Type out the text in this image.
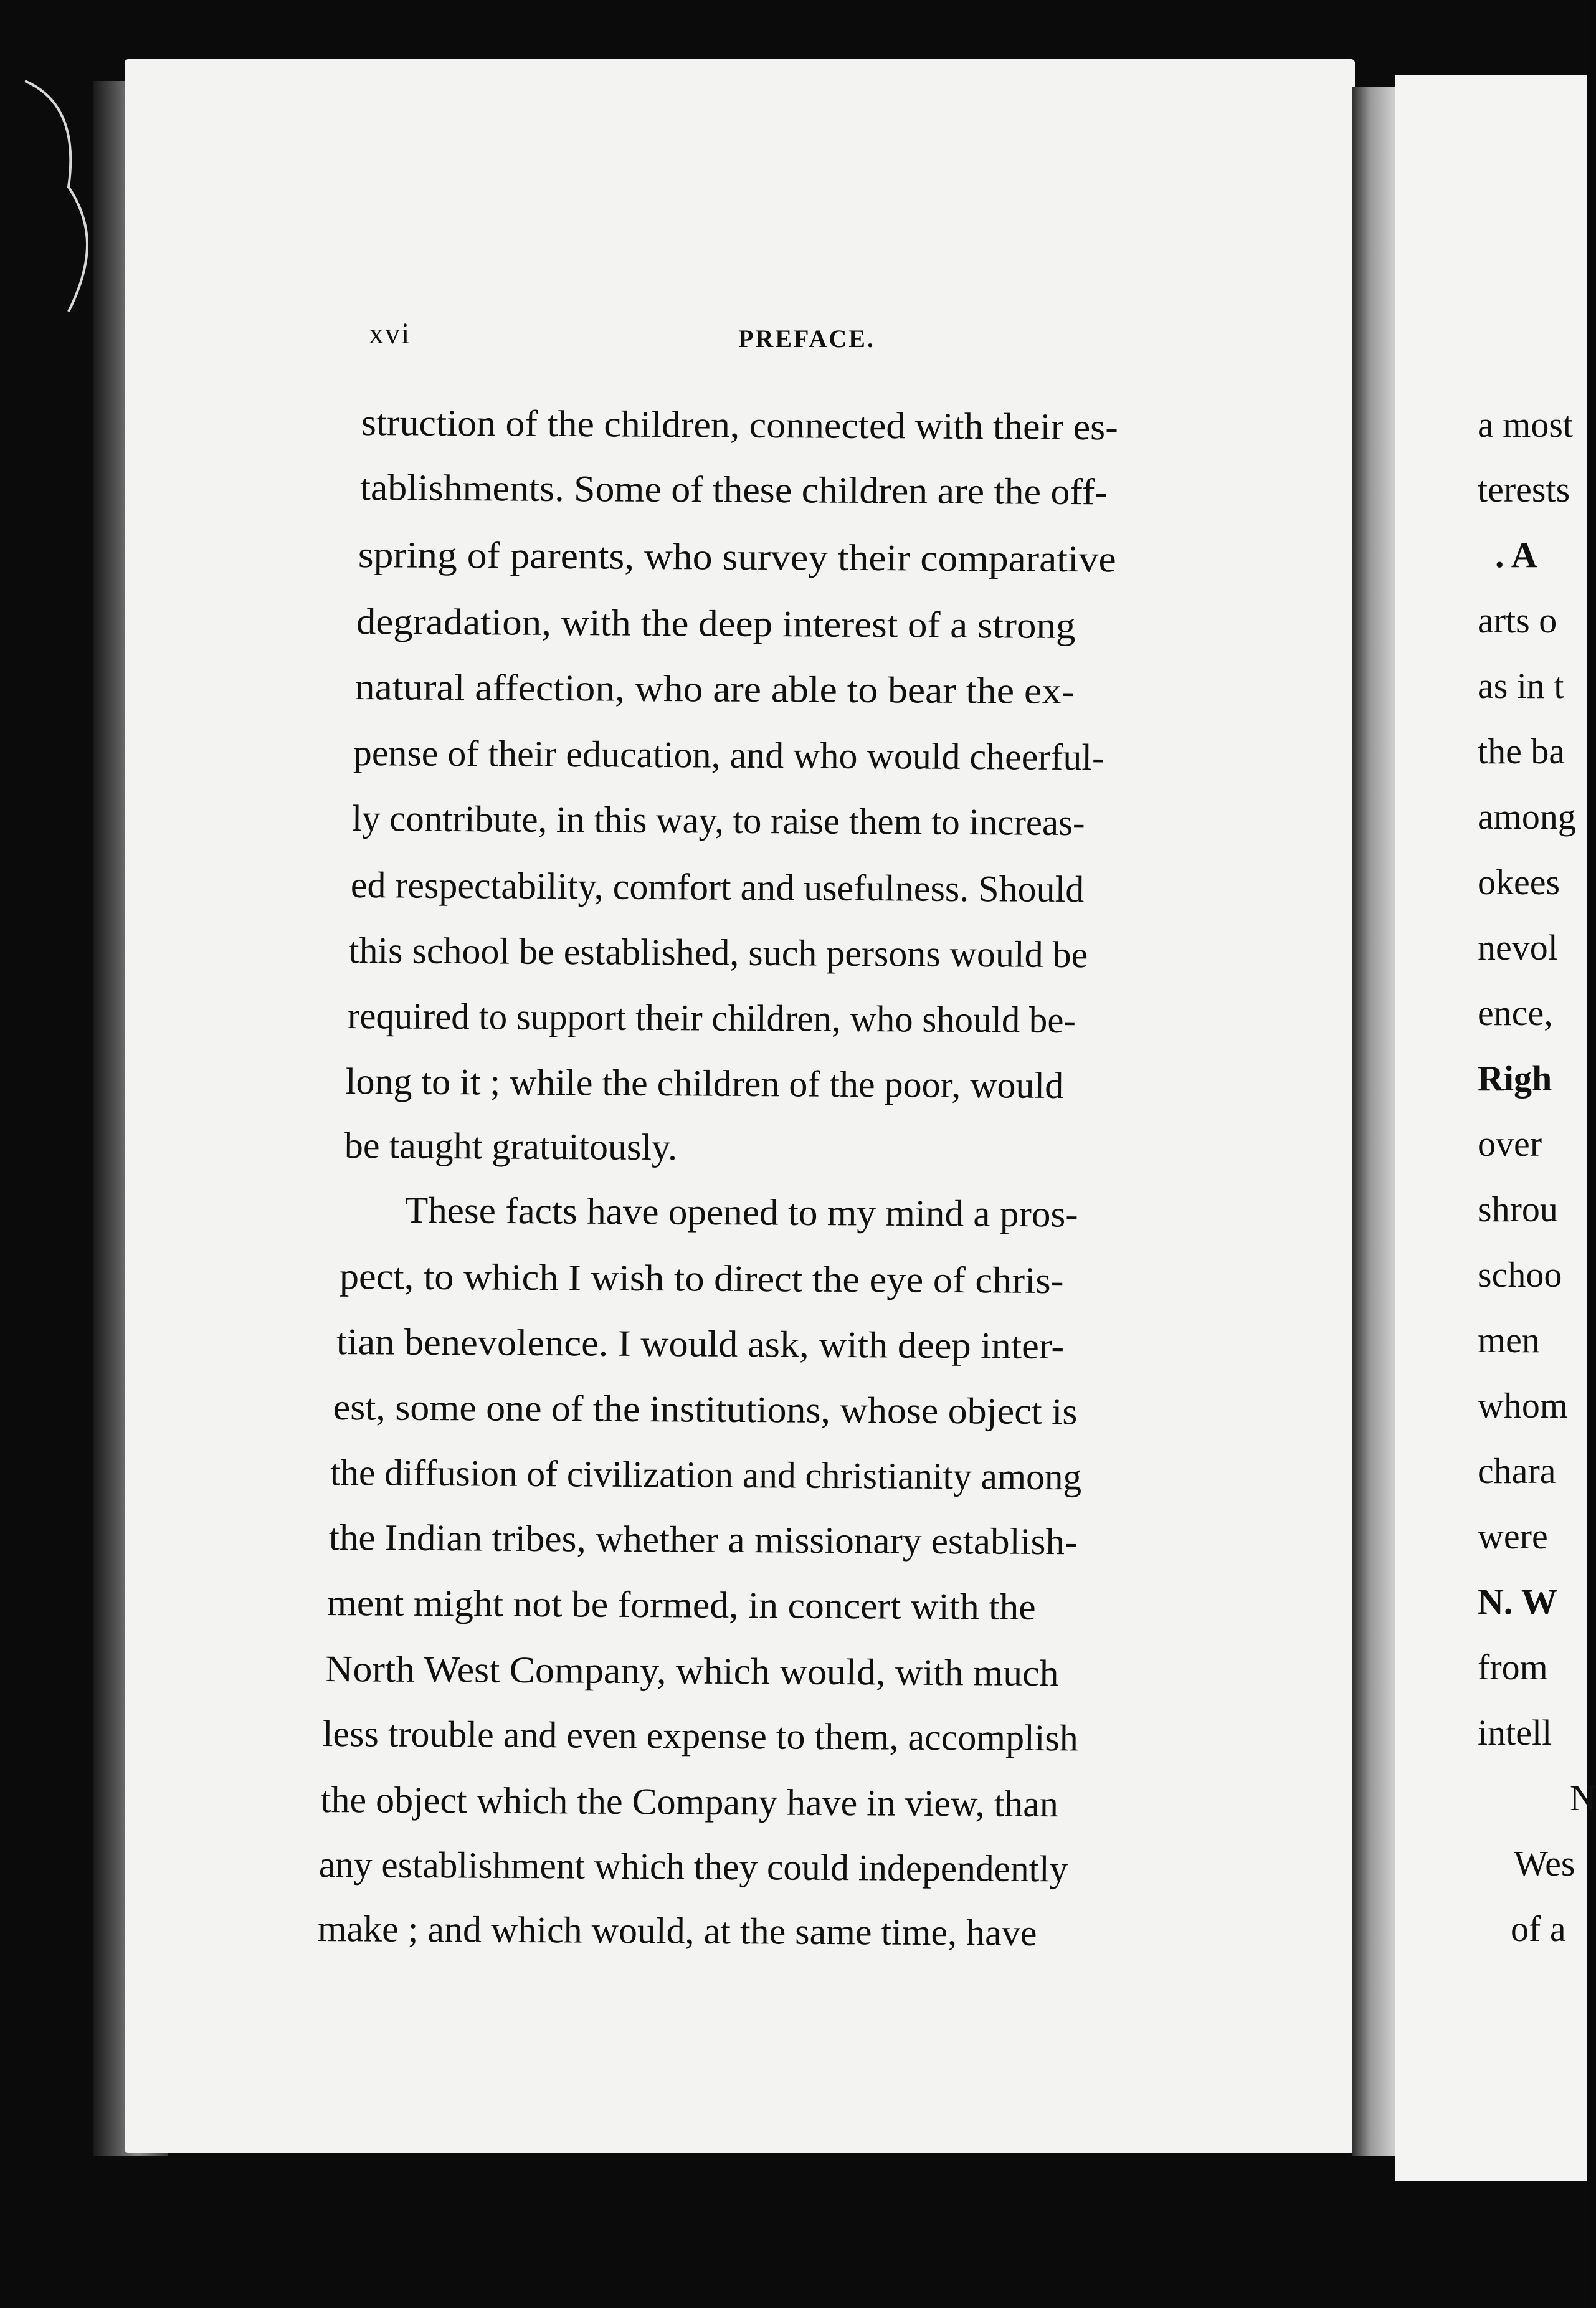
xvi	PREFACE.
struction of the children, connected with their es-
tablishments. Some of these children are the off-
spring of parents, who survey their comparative
degradation, with the deep interest of a strong
natural affection, who are able to bear the ex-
pense of their education, and who would cheerful-
ly contribute, in this way, to raise them to increas-
ed respectability, comfort and usefulness. Should
this school be established, such persons would be
required to support their children, who should be-
long to it ; while the children of the poor, would
be taught gratuitously.
These facts have opened to my mind a pros-
pect, to which I wish to direct the eye of chris-
tian benevolence. I would ask, with deep inter-
est, some one of the institutions, whose object is
the diffusion of civilization and christianity among
the Indian tribes, whether a missionary establish-
ment might not be formed, in concert with the
North West Company, which would, with much
less trouble and even expense to them, accomplish
the object which the Company have in view, than
any establishment which they could independently
make ; and which would, at the same time, have
a most
terests
. A
arts o
as in t
the ba
among
okees
nevol
ence,
Righ
over
shrou
schoo
men
whom
chara
were
N. W
from
intell
N
Wes
of a
